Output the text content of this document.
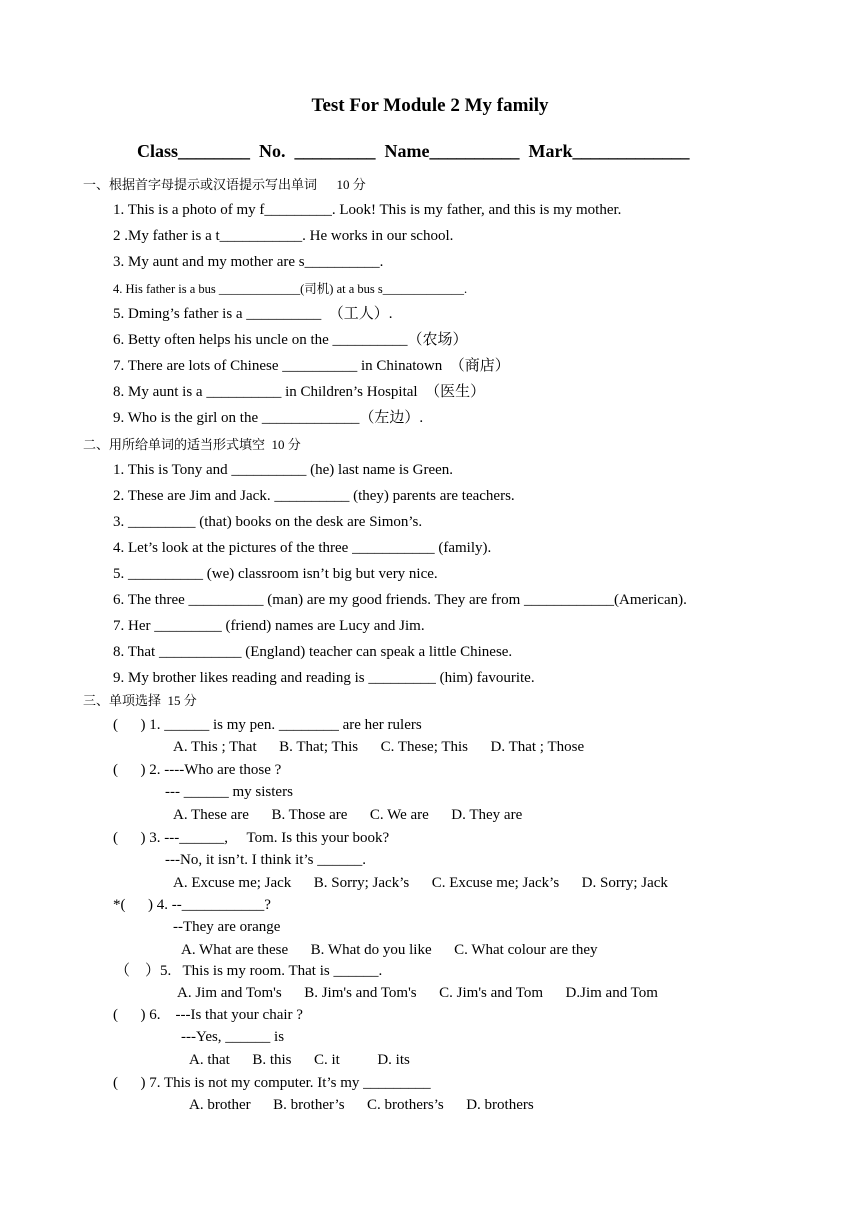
Test For Module 2 My family
Class________  No.  _________  Name__________  Mark_____________
一、根据首字母提示或汉语提示写出单词      10 分
1. This is a photo of my f_________. Look! This is my father, and this is my mother.
2 .My father is a t___________. He works in our school.
3. My aunt and my mother are s__________.
4. His father is a bus _____________(司机) at a bus s_____________.
5. Dming’s father is a __________  （工人）.
6. Betty often helps his uncle on the __________（农场）
7. There are lots of Chinese __________ in Chinatown  （商店）
8. My aunt is a __________ in Children’s Hospital  （医生）
9. Who is the girl on the _____________（左边）.
二、用所给单词的适当形式填空  10 分
1. This is Tony and __________ (he) last name is Green.
2. These are Jim and Jack. __________ (they) parents are teachers.
3. _________ (that) books on the desk are Simon’s.
4. Let’s look at the pictures of the three ___________ (family).
5. __________ (we) classroom isn’t big but very nice.
6. The three __________ (man) are my good friends. They are from ____________(American).
7. Her _________ (friend) names are Lucy and Jim.
8. That ___________ (England) teacher can speak a little Chinese.
9. My brother likes reading and reading is _________ (him) favourite.
三、单项选择  15 分
(      ) 1. ______ is my pen. ________ are her rulers
A. This ; That      B. That; This      C. These; This      D. That ; Those
(      ) 2. ----Who are those ?
--- ______ my sisters
A. These are      B. Those are      C. We are      D. They are
(      ) 3. ---______,     Tom. Is this your book?
---No, it isn’t. I think it’s ______.
A. Excuse me; Jack      B. Sorry; Jack’s      C. Excuse me; Jack’s      D. Sorry; Jack
*(      ) 4. --___________?
--They are orange
A. What are these      B. What do you like      C. What colour are they
（    ）5.   This is my room. That is ______.
A. Jim and Tom's      B. Jim's and Tom's      C. Jim's and Tom      D.Jim and Tom
(      ) 6.    ---Is that your chair ?
---Yes, ______ is
A. that      B. this      C. it          D. its
(      ) 7. This is not my computer. It’s my _________
A. brother      B. brother’s      C. brothers’s      D. brothers
